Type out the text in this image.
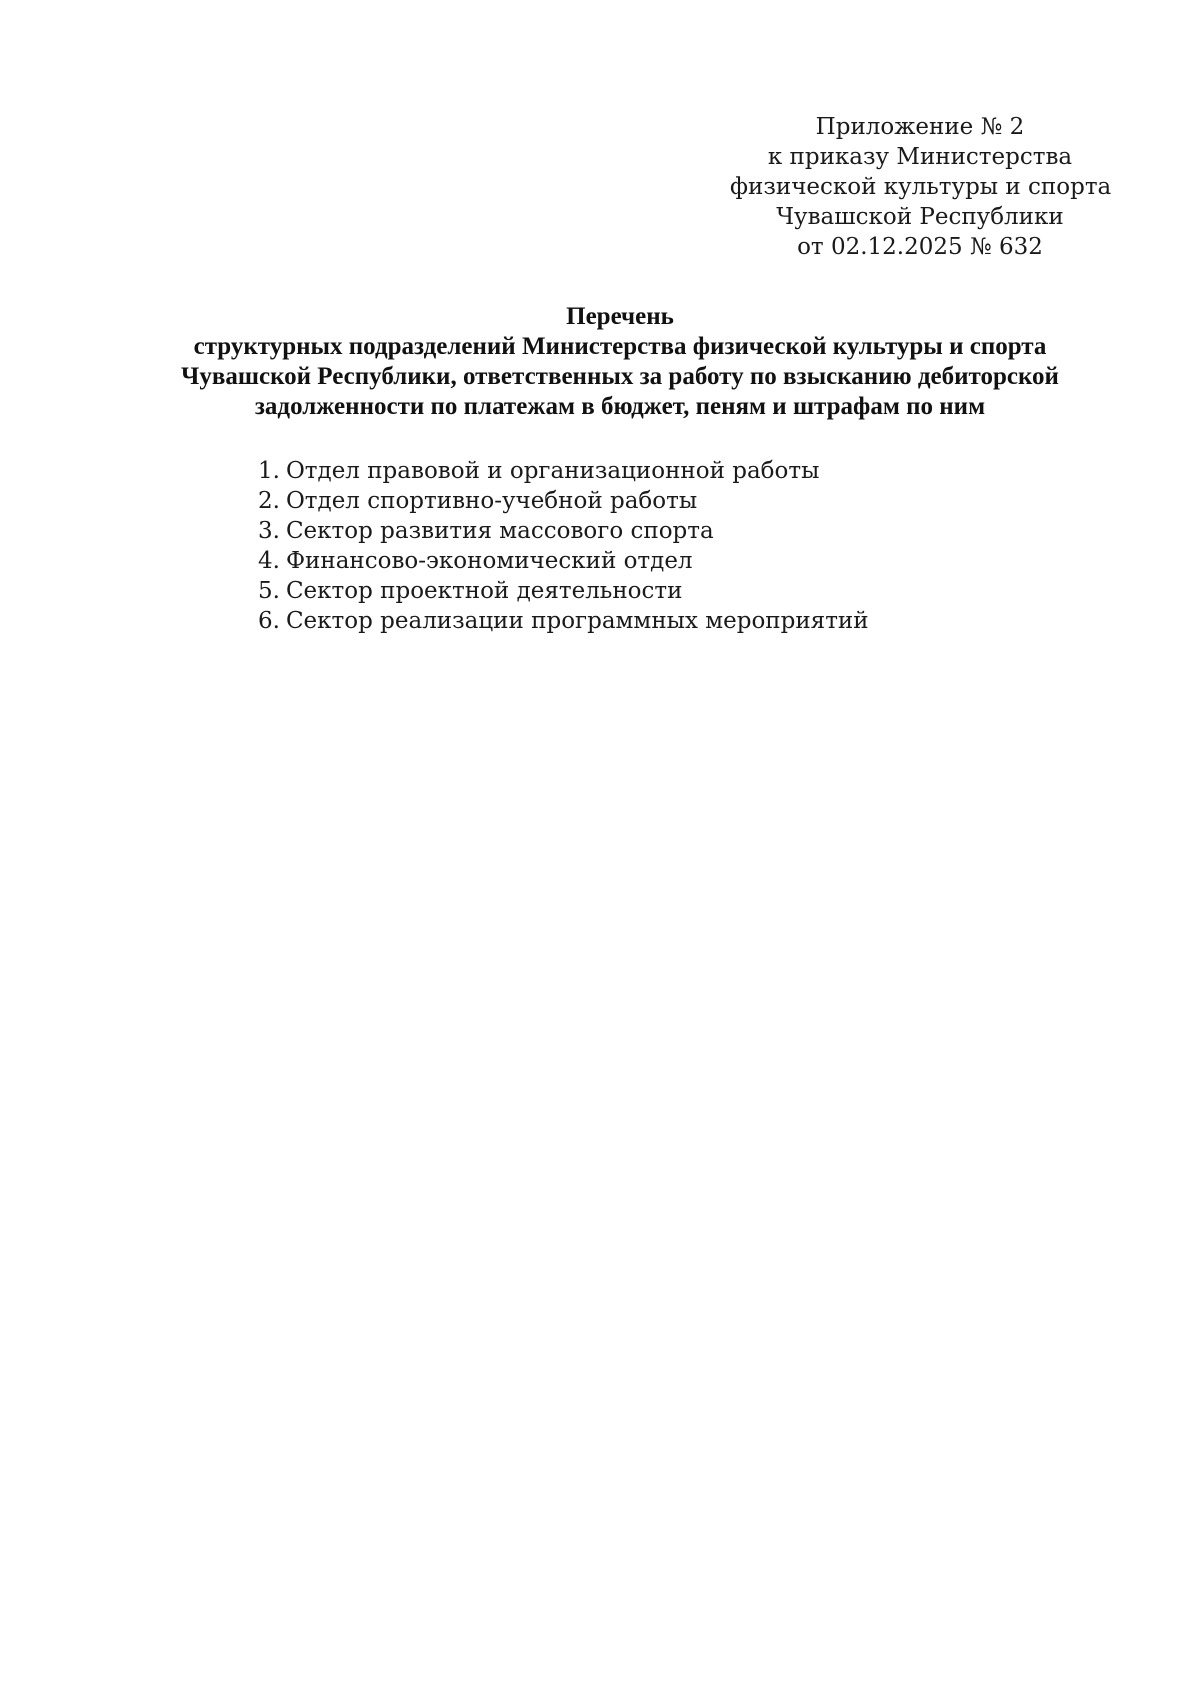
Приложение № 2
к приказу Министерства
физической культуры и спорта
Чувашской Республики
от 02.12.2025 № 632
Перечень
структурных подразделений Министерства физической культуры и спорта
Чувашской Республики, ответственных за работу по взысканию дебиторской
задолженности по платежам в бюджет, пеням и штрафам по ним
1. Отдел правовой и организационной работы
2. Отдел спортивно-учебной работы
3. Сектор развития массового спорта
4. Финансово-экономический отдел
5. Сектор проектной деятельности
6. Сектор реализации программных мероприятий
